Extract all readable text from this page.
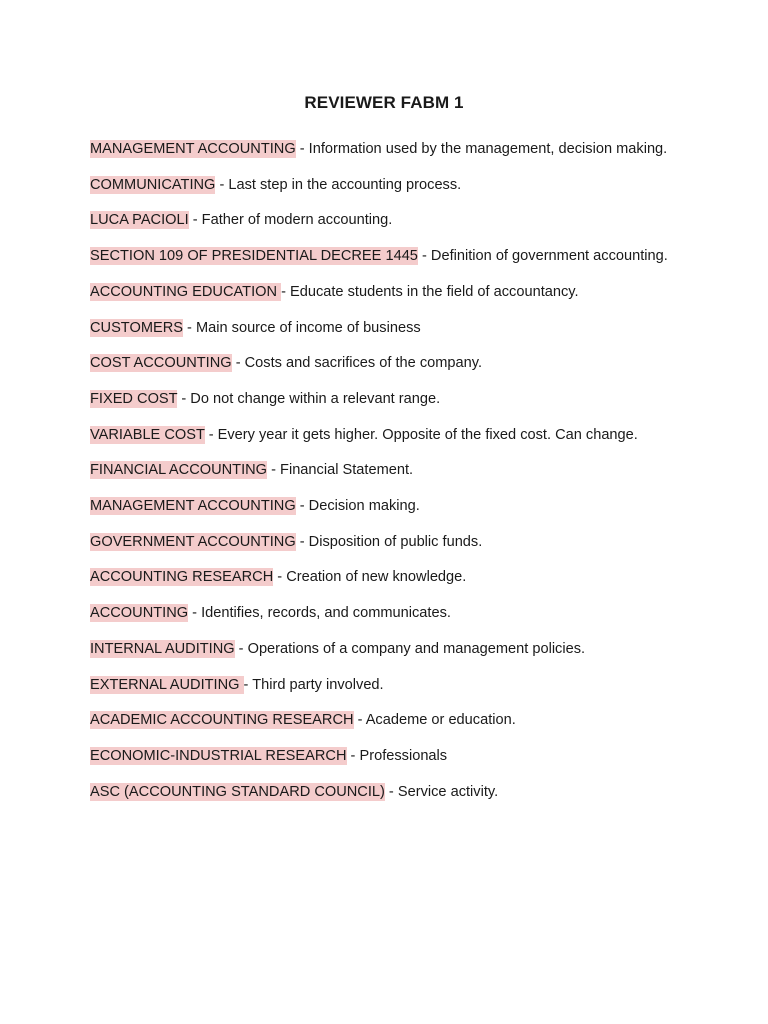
REVIEWER FABM 1

MANAGEMENT ACCOUNTING - Information used by the management, decision making.

COMMUNICATING - Last step in the accounting process.

LUCA PACIOLI - Father of modern accounting.

SECTION 109 OF PRESIDENTIAL DECREE 1445 - Definition of government accounting.

ACCOUNTING EDUCATION - Educate students in the field of accountancy.

CUSTOMERS - Main source of income of business

COST ACCOUNTING - Costs and sacrifices of the company.

FIXED COST - Do not change within a relevant range.

VARIABLE COST - Every year it gets higher. Opposite of the fixed cost. Can change.

FINANCIAL ACCOUNTING - Financial Statement.

MANAGEMENT ACCOUNTING - Decision making.

GOVERNMENT ACCOUNTING - Disposition of public funds.

ACCOUNTING RESEARCH - Creation of new knowledge.

ACCOUNTING - Identifies, records, and communicates.

INTERNAL AUDITING - Operations of a company and management policies.

EXTERNAL AUDITING - Third party involved.

ACADEMIC ACCOUNTING RESEARCH - Academe or education.

ECONOMIC-INDUSTRIAL RESEARCH - Professionals

ASC (ACCOUNTING STANDARD COUNCIL) - Service activity.
